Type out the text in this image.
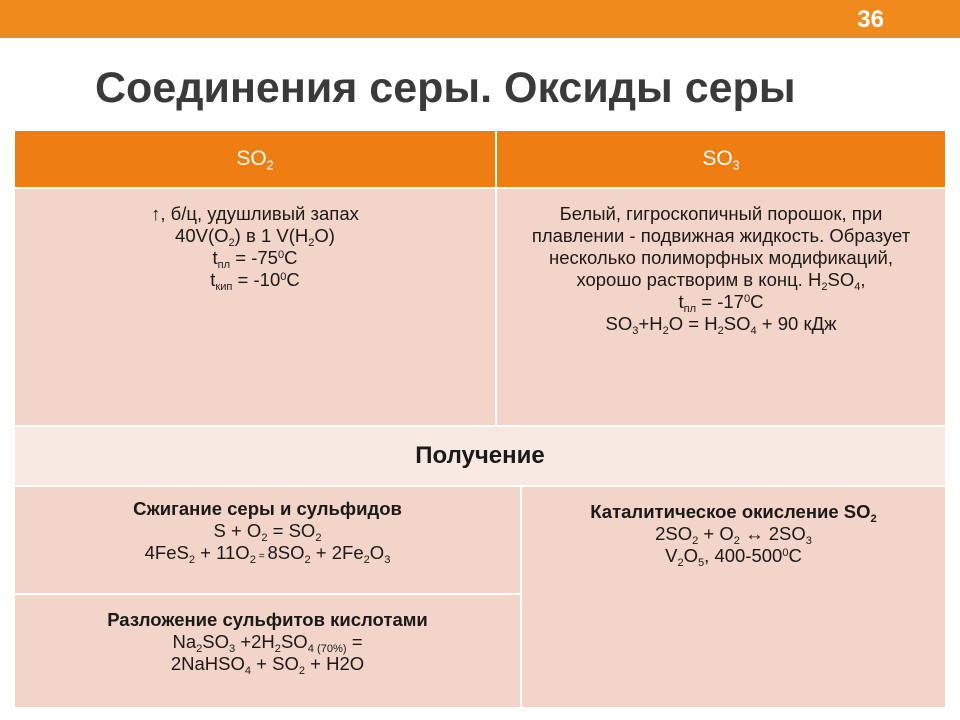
36
Соединения серы. Оксиды серы
$SO_2$	$SO_3$
↑, б/ц, удушливый запах
$40V(O_2)$ в 1 $V(H_2O)$
$t_{пл} = -75^0C$
$t_{кип} = -10^0C$
Белый, гигроскопичный порошок, при плавлении - подвижная жидкость. Образует несколько полиморфных модификаций, хорошо растворим в конц. $H_2SO_4$,
$t_{пл} = -17^0C$
$SO_3+H_2O = H_2SO_4 + 90$ кДж
Получение
Сжигание серы и сульфидов
$S + O_2 = SO_2$
$4FeS_2 + 11O_2 = 8SO_2 + 2Fe_2O_3$
Каталитическое окисление $SO_2$
$2SO_2 + O_2$ ↔ $2SO_3$
$V_2O_5$, $400-500^0C$
Разложение сульфитов кислотами
$Na_2SO_3 +2H_2SO_{4 (70\%)}$ =
2NaHSO$_4$ + $SO_2 + H2O$
